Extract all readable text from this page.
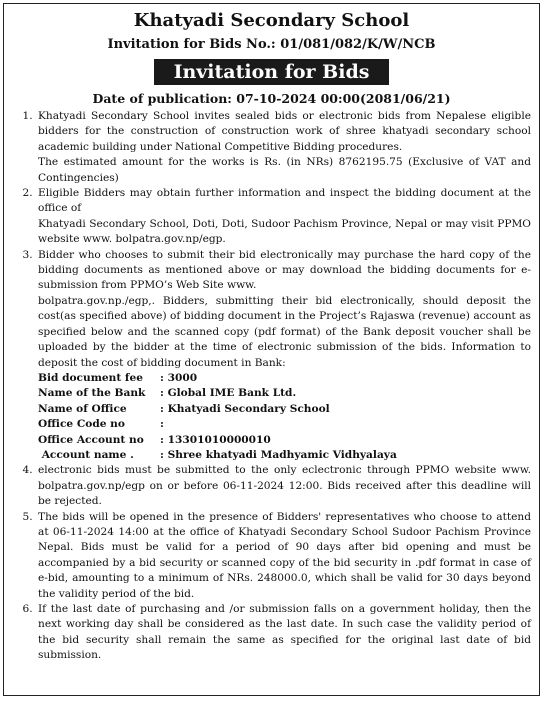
Khatyadi Secondary School
Invitation for Bids No.: 01/081/082/K/W/NCB
Invitation for Bids
Date of publication: 07-10-2024 00:00(2081/06/21)

1. Khatyadi Secondary School invites sealed bids or electronic bids from Nepalese eligible bidders for the construction of construction work of shree khatyadi secondary school academic building under National Competitive Bidding procedures.

The estimated amount for the works is Rs. (in NRs) 8762195.75 (Exclusive of VAT and Contingencies)

2. Eligible Bidders may obtain further information and inspect the bidding document at the office of

Khatyadi Secondary School, Doti, Doti, Sudoor Pachism Province, Nepal or may visit PPMO website www. bolpatra.gov.np/egp.

3. Bidder who chooses to submit their bid electronically may purchase the hard copy of the bidding documents as mentioned above or may download the bidding documents for e-submission from PPMO’s Web Site www.

bolpatra.gov.np./egp,. Bidders, submitting their bid electronically, should deposit the cost(as specified above) of bidding document in the Project’s Rajaswa (revenue) account as specified below and the scanned copy (pdf format) of the Bank deposit voucher shall be uploaded by the bidder at the time of electronic submission of the bids. Information to deposit the cost of bidding document in Bank:

Bid document fee	: 3000
Name of the Bank	: Global IME Bank Ltd.
Name of Office	: Khatyadi Secondary School
Office Code no	:
Office Account no	: 13301010000010
Account name .	: Shree khatyadi Madhyamic Vidhyalaya

4. electronic bids must be submitted to the only eclectronic through PPMO website www. bolpatra.gov.np/egp on or before 06-11-2024 12:00. Bids received after this deadline will be rejected.

5. The bids will be opened in the presence of Bidders' representatives who choose to attend at 06-11-2024 14:00 at the office of Khatyadi Secondary School Sudoor Pachism Province Nepal. Bids must be valid for a period of 90 days after bid opening and must be accompanied by a bid security or scanned copy of the bid security in .pdf format in case of e-bid, amounting to a minimum of NRs. 248000.0, which shall be valid for 30 days beyond the validity period of the bid.

6. If the last date of purchasing and /or submission falls on a government holiday, then the next working day shall be considered as the last date. In such case the validity period of the bid security shall remain the same as specified for the original last date of bid submission.
